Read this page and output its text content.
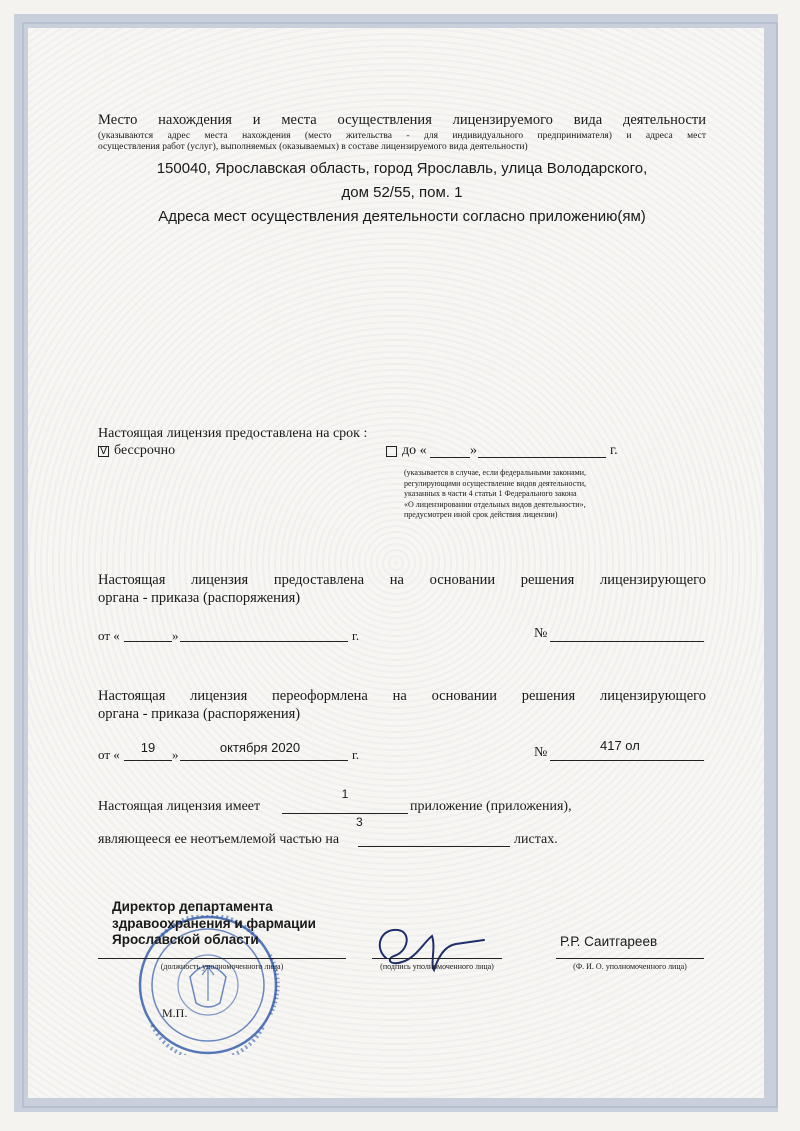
Место нахождения и места осуществления лицензируемого вида деятельности
(указываются адрес места нахождения (место жительства - для индивидуального предпринимателя) и адреса мест
осуществления работ (услуг), выполняемых (оказываемых) в составе лицензируемого вида деятельности)
150040, Ярославская область, город Ярославль, улица Володарского,
дом 52/55, пом. 1
Адреса мест осуществления деятельности согласно приложению(ям)
Настоящая лицензия предоставлена на срок :
V бессрочно	до «	»	г.
(указывается в случае, если федеральными законами,
регулирующими осуществление видов деятельности,
указанных в части 4 статьи 1 Федерального закона
«О лицензировании отдельных видов деятельности»,
предусмотрен иной срок действия лицензии)
Настоящая лицензия предоставлена на основании решения лицензирующего
органа - приказа (распоряжения)
от «	»	г.	№
Настоящая лицензия переоформлена на основании решения лицензирующего
органа - приказа (распоряжения)
от «	19	»	октября 2020	г.	№	417 ол
Настоящая лицензия имеет
1
приложение (приложения),
являющееся ее неотъемлемой частью на
3
листах.
Директор департамента
здравоохранения и фармации
Ярославской области
(должность уполномоченного лица)	(подпись уполномоченного лица)
Р.Р. Саитгареев
(Ф. И. О. уполномоченного лица)
М.П.
